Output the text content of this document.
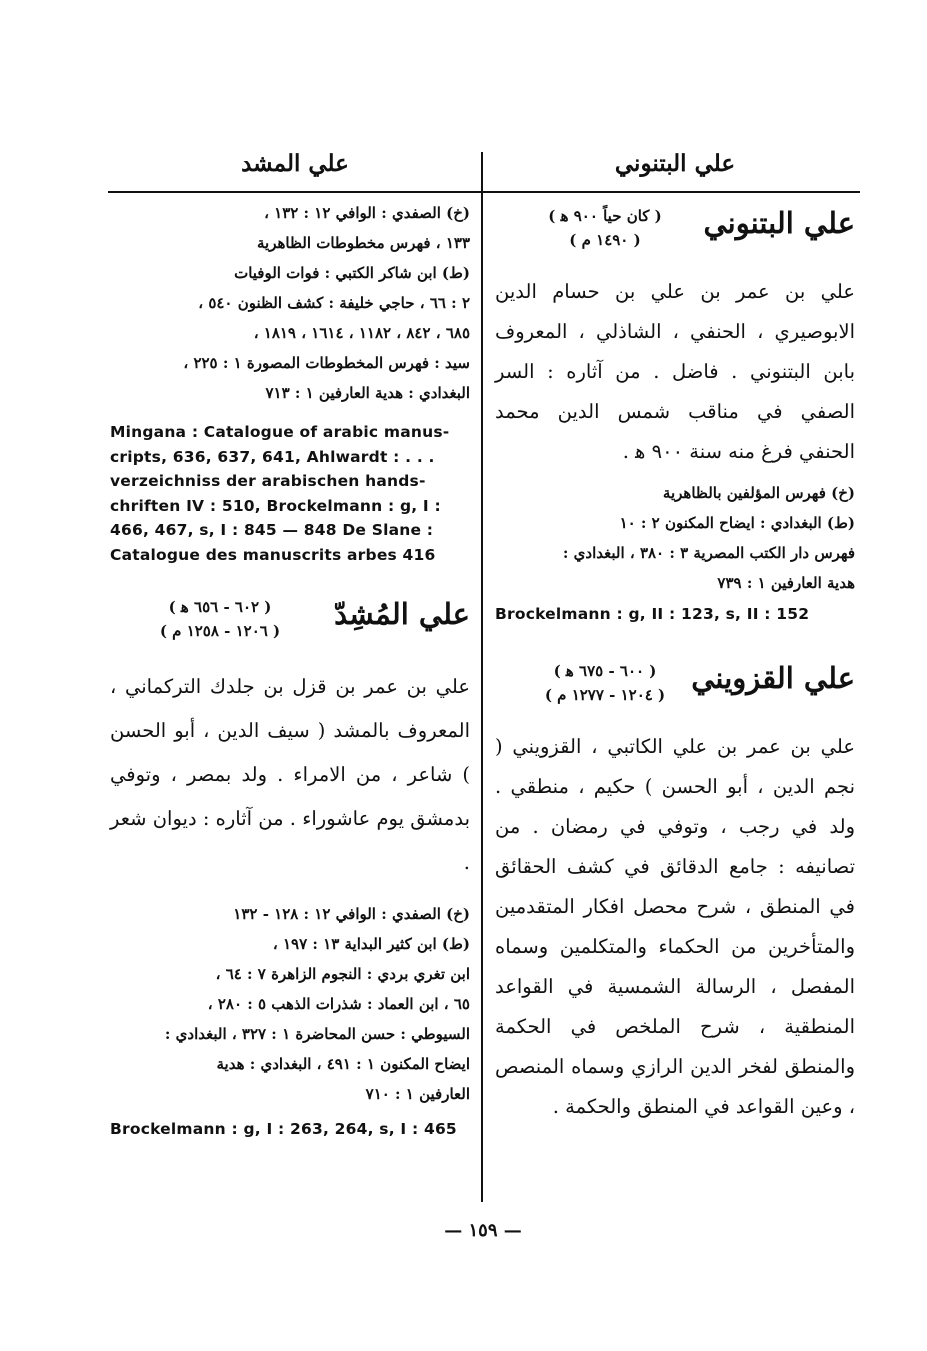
علي البتنوني
علي المشد
علي البتنوني
( كان حياً ٩٠٠ ﻫ )
( ١٤٩٠ م )
علي بن عمر بن علي بن حسام الدين الابوصيري ، الحنفي ، الشاذلي ، المعروف بابن البتنوني . فاضل . من آثاره : السر الصفي في مناقب شمس الدين محمد الحنفي فرغ منه سنة ٩٠٠ ﻫ .
(خ) فهرس المؤلفين بالظاهرية
(ط) البغدادي : ايضاح المكنون ٢ : ١٠
فهرس دار الكتب المصرية ٣ : ٣٨٠ ، البغدادي :
هدية العارفين ١ : ٧٣٩
Brockelmann : g, II : 123, s, II : 152
علي القزويني
( ٦٠٠ - ٦٧٥ ﻫ )
( ١٢٠٤ - ١٢٧٧ م )
علي بن عمر بن علي الكاتبي ، القزويني ( نجم الدين ، أبو الحسن ) حكيم ، منطقي . ولد في رجب ، وتوفي في رمضان . من تصانيفه : جامع الدقائق في كشف الحقائق في المنطق ، شرح محصل افكار المتقدمين والمتأخرين من الحكماء والمتكلمين وسماه المفصل ، الرسالة الشمسية في القواعد المنطقية ، شرح الملخص في الحكمة والمنطق لفخر الدين الرازي وسماه المنصص ، وعين القواعد في المنطق والحكمة .
(خ) الصفدي : الوافي ١٢ : ١٣٢ ،
١٣٣ ، فهرس مخطوطات الظاهرية
(ط) ابن شاكر الكتبي : فوات الوفيات
٢ : ٦٦ ، حاجي خليفة : كشف الظنون ٥٤٠ ،
٦٨٥ ، ٨٤٢ ، ١١٨٢ ، ١٦١٤ ، ١٨١٩ ،
سيد : فهرس المخطوطات المصورة ١ : ٢٢٥ ،
البغدادي : هدية العارفين ١ : ٧١٣
Mingana : Catalogue of arabic manus-cripts, 636, 637, 641, Ahlwardt : . . . verzeichniss der arabischen hands-chriften IV : 510, Brockelmann : g, I : 466, 467, s, I : 845 — 848 De Slane : Catalogue des manuscrits arbes 416
علي المُشِدّ
( ٦٠٢ - ٦٥٦ ﻫ )
( ١٢٠٦ - ١٢٥٨ م )
علي بن عمر بن قزل بن جلدك التركماني ، المعروف بالمشد ( سيف الدين ، أبو الحسن ) شاعر ، من الامراء . ولد بمصر ، وتوفي بدمشق يوم عاشوراء . من آثاره : ديوان شعر .
(خ) الصفدي : الوافي ١٢ : ١٢٨ - ١٣٢
(ط) ابن كثير البداية ١٣ : ١٩٧ ،
ابن تغري بردي : النجوم الزاهرة ٧ : ٦٤ ،
٦٥ ، ابن العماد : شذرات الذهب ٥ : ٢٨٠ ،
السيوطي : حسن المحاضرة ١ : ٣٢٧ ، البغدادي :
ايضاح المكنون ١ : ٤٩١ ، البغدادي : هدية
العارفين ١ : ٧١٠
Brockelmann : g, I : 263, 264, s, I : 465
— ١٥٩ —
